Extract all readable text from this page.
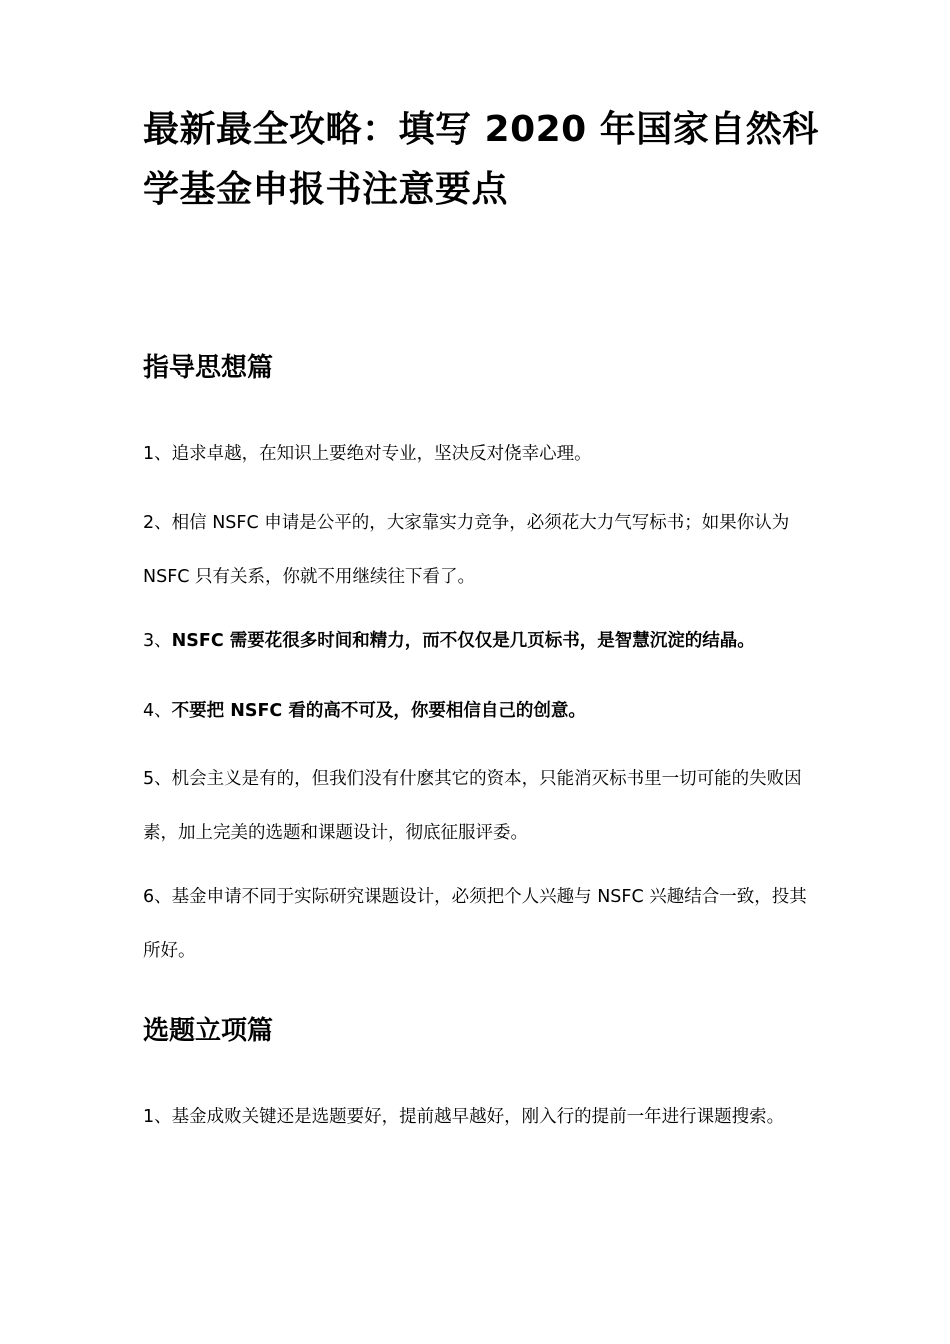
最新最全攻略：填写 2020 年国家自然科学基金申报书注意要点
指导思想篇

1、追求卓越，在知识上要绝对专业，坚决反对侥幸心理。

2、相信 NSFC 申请是公平的，大家靠实力竞争，必须花大力气写标书；如果你认为 NSFC 只有关系，你就不用继续往下看了。

3、NSFC 需要花很多时间和精力，而不仅仅是几页标书，是智慧沉淀的结晶。

4、不要把 NSFC 看的高不可及，你要相信自己的创意。

5、机会主义是有的，但我们没有什麽其它的资本，只能消灭标书里一切可能的失败因素，加上完美的选题和课题设计，彻底征服评委。

6、基金申请不同于实际研究课题设计，必须把个人兴趣与 NSFC 兴趣结合一致，投其所好。

选题立项篇

1、基金成败关键还是选题要好，提前越早越好，刚入行的提前一年进行课题搜索。
